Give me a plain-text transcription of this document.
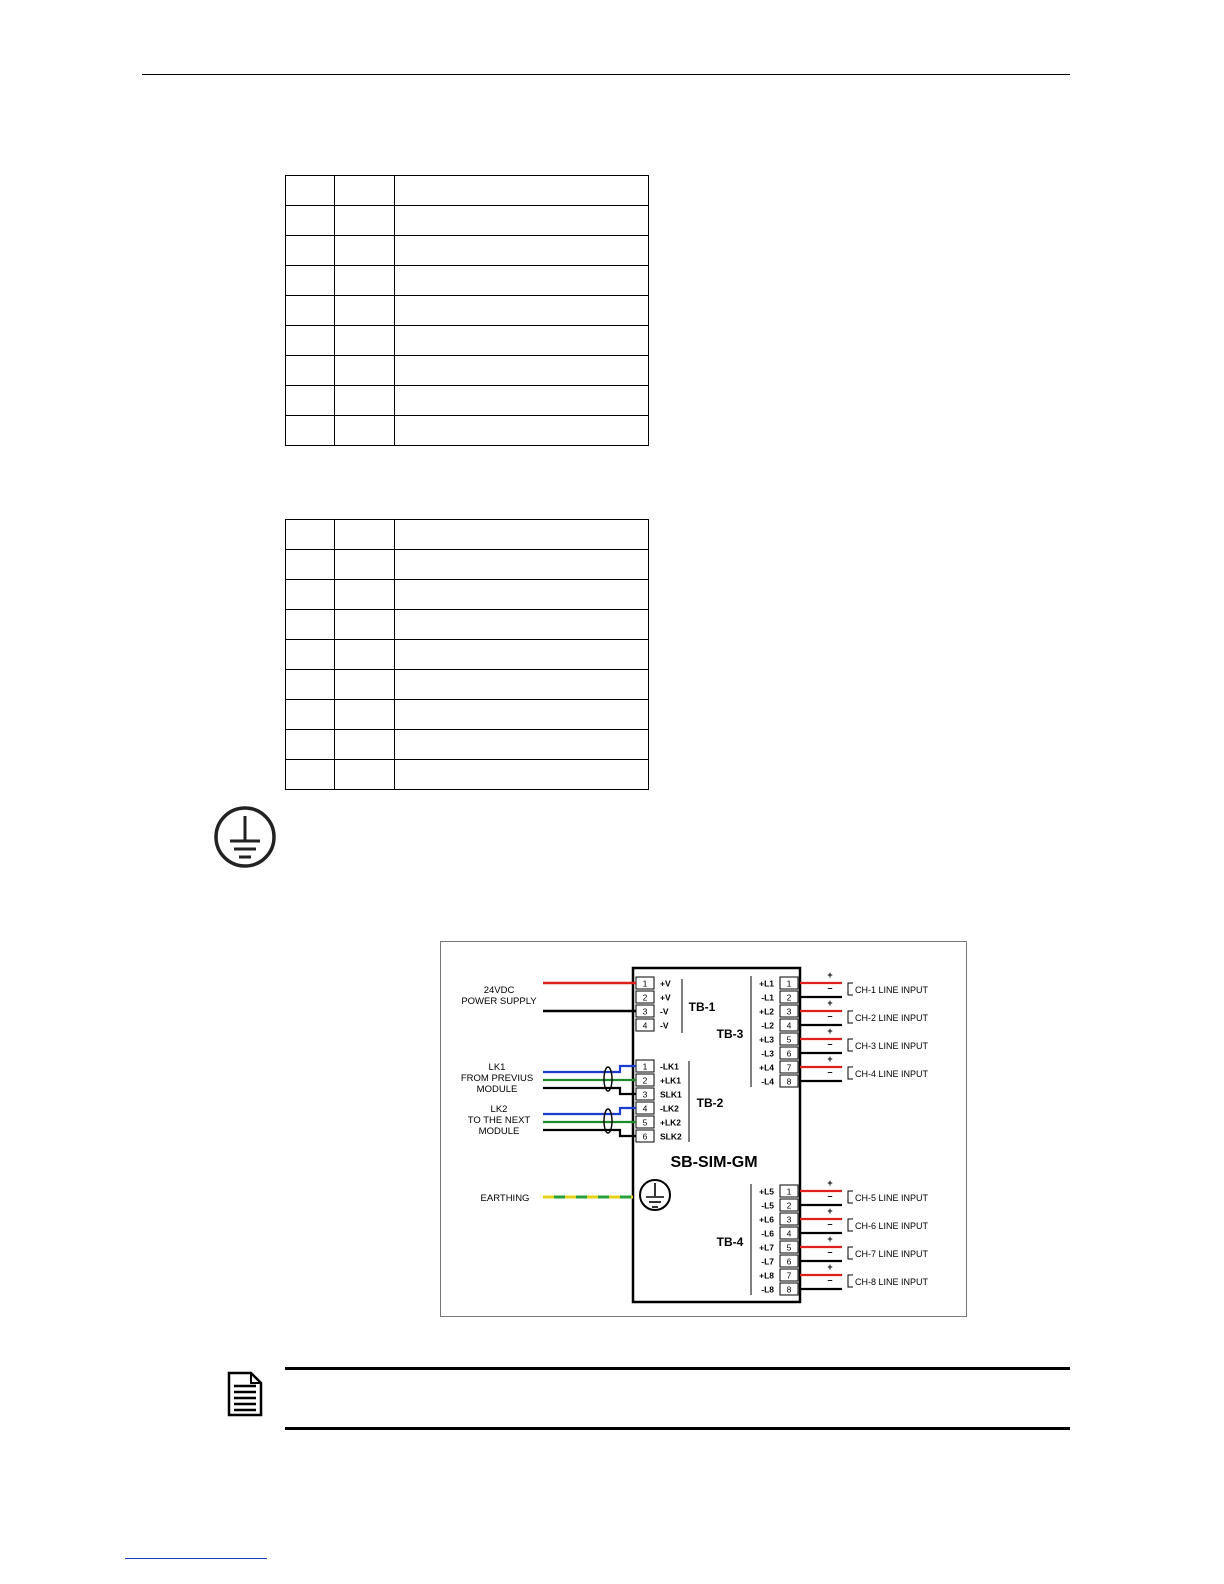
TB-1
TB-2
TB-3
TB-4
SB-SIM-GM
24VDC
POWER SUPPLY
LK1
FROM PREVIUS
MODULE
LK2
TO THE NEXT
MODULE
EARTHING
1 +V
2 +V
3 -V
4 -V
1 -LK1
2 +LK1
3 SLK1
4 -LK2
5 +LK2
6 SLK2
1
+L1
2
-L1
3
+L2
4
-L2
5
+L3
6
-L3
7
+L4
8
-L4
+
– CH-1 LINE INPUT
+
– CH-2 LINE INPUT
+
– CH-3 LINE INPUT
+
– CH-4 LINE INPUT
1
+L5
2
-L5
3
+L6
4
-L6
5
+L7
6
-L7
7
+L8
8
-L8
+
– CH-5 LINE INPUT
+
– CH-6 LINE INPUT
+
– CH-7 LINE INPUT
+
– CH-8 LINE INPUT
